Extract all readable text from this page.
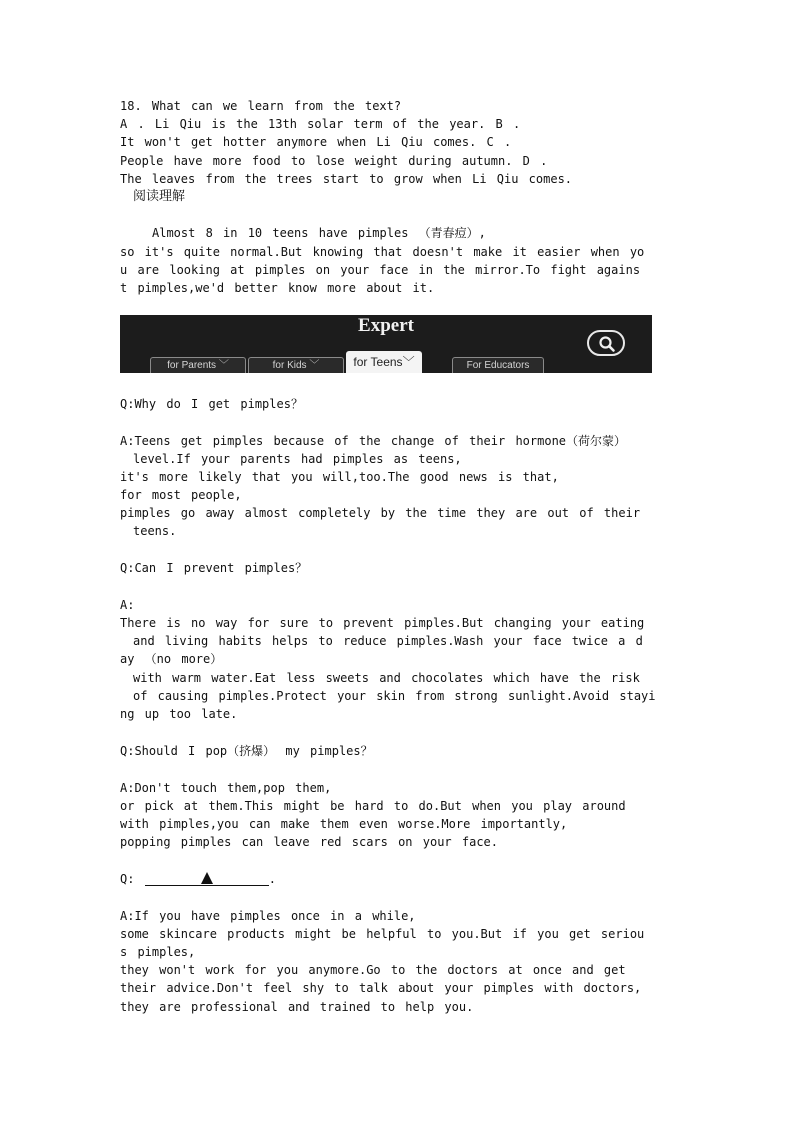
18. What can we learn from the text?
A . Li Qiu is the 13th solar term of the year. B .
It won't get hotter anymore when Li Qiu comes. C .
People have more food to lose weight during autumn. D .
The leaves from the trees start to grow when Li Qiu comes.
阅读理解
Almost 8 in 10 teens have pimples （青春痘）,
so it's quite normal.But knowing that doesn't make it easier when yo
u are looking at pimples on your face in the mirror.To fight agains
t pimples,we'd better know more about it.
Expert
for Parents ﹀	for Kids ﹀	for Teens﹀	For Educators
Q:Why do I get pimples？
A:Teens get pimples because of the change of their hormone（荷尔蒙）
level.If your parents had pimples as teens,
it's more likely that you will,too.The good news is that,
for most people,
pimples go away almost completely by the time they are out of their
teens.
Q:Can I prevent pimples？
A:
There is no way for sure to prevent pimples.But changing your eating
and living habits helps to reduce pimples.Wash your face twice a d
ay （no more）
with warm water.Eat less sweets and chocolates which have the risk
of causing pimples.Protect your skin from strong sunlight.Avoid stayi
ng up too late.
Q:Should I pop（挤爆） my pimples？
A:Don't touch them,pop them,
or pick at them.This might be hard to do.But when you play around
with pimples,you can make them even worse.More importantly,
popping pimples can leave red scars on your face.
Q:	.
A:If you have pimples once in a while,
some skincare products might be helpful to you.But if you get seriou
s pimples,
they won't work for you anymore.Go to the doctors at once and get
their advice.Don't feel shy to talk about your pimples with doctors,
they are professional and trained to help you.
